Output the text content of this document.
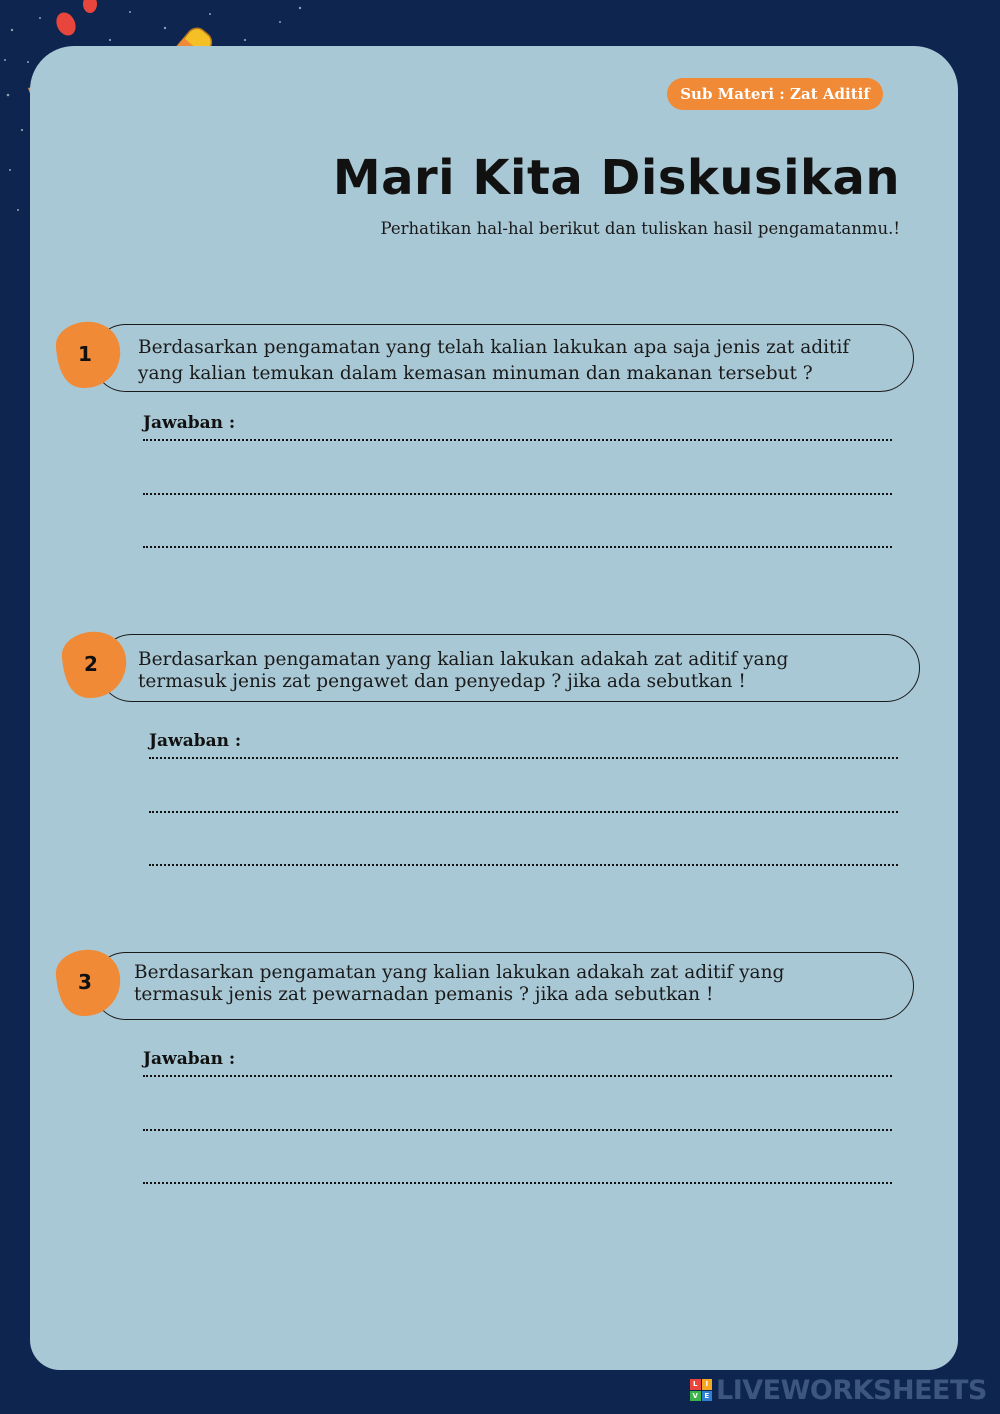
Sub Materi : Zat Aditif
Mari Kita Diskusikan
Perhatikan hal-hal berikut dan tuliskan hasil pengamatanmu.!
1	Berdasarkan pengamatan yang telah kalian lakukan apa saja jenis zat aditif
yang kalian temukan dalam kemasan minuman dan makanan tersebut ?
Jawaban :
2	Berdasarkan pengamatan yang kalian lakukan adakah zat aditif yang
termasuk jenis zat pengawet dan penyedap ? jika ada sebutkan !
Jawaban :
3	Berdasarkan pengamatan yang kalian lakukan adakah zat aditif yang
termasuk jenis zat pewarnadan pemanis ? jika ada sebutkan !
Jawaban :
L	I
V E LIVEWORKSHEETS
